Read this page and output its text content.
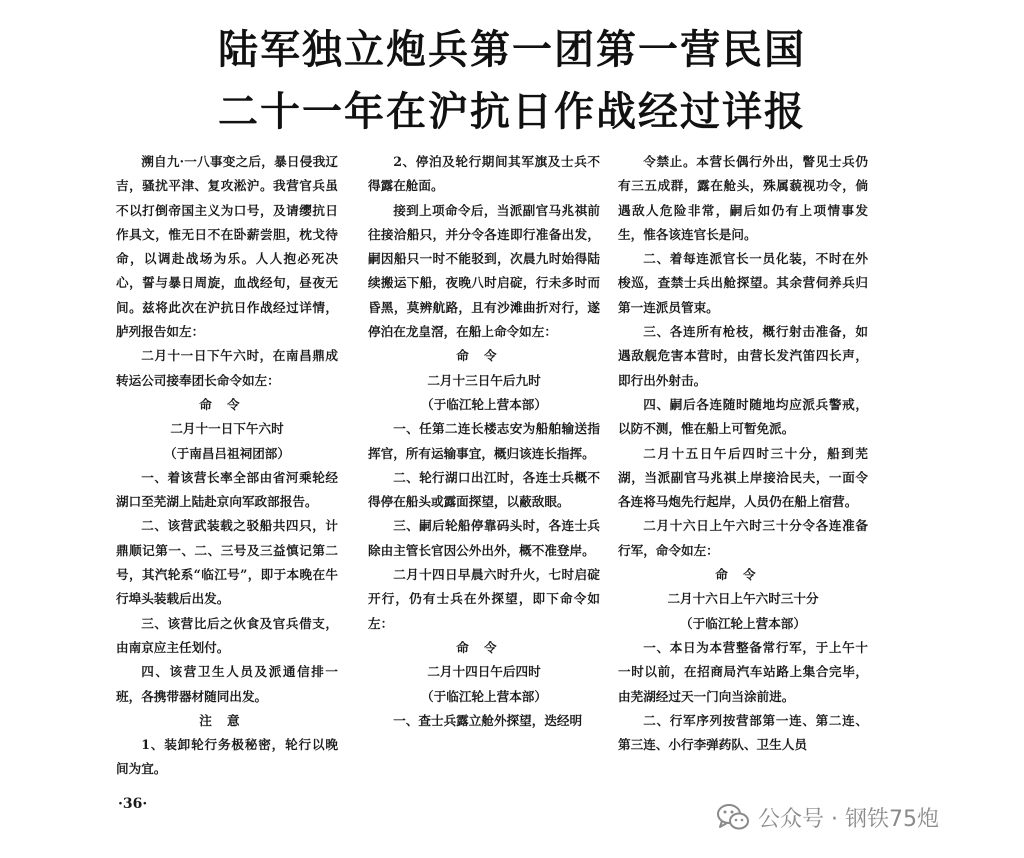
陆军独立炮兵第一团第一营民国
二十一年在沪抗日作战经过详报

溯自九·一八事变之后，暴日侵我辽吉，骚扰平津、复攻淞沪。我营官兵虽不以打倒帝国主义为口号，及请缨抗日作具文，惟无日不在卧薪尝胆，枕戈待命，以调赴战场为乐。人人抱必死决心，誓与暴日周旋，血战经旬，昼夜无间。兹将此次在沪抗日作战经过详情，胪列报告如左：

二月十一日下午六时，在南昌鼎成转运公司接奉团长命令如左：

命令

二月十一日下午六时

（于南昌吕祖祠团部）

一、着该营长率全部由省河乘轮经湖口至芜湖上陆赴京向军政部报告。

二、该营武装载之驳船共四只，计鼎顺记第一、二、三号及三益慎记第二号，其汽轮系“临江号”，即于本晚在牛行埠头装载后出发。

三、该营比后之伙食及官兵借支，由南京应主任划付。

四、该营卫生人员及派通信排一班，各携带器材随同出发。

注意

1、装卸轮行务极秘密，轮行以晚间为宜。

2、停泊及轮行期间其军旗及士兵不得露在舱面。

接到上项命令后，当派副官马兆祺前往接洽船只，并分令各连即行准备出发，嗣因船只一时不能驳到，次晨九时始得陆续搬运下船，夜晚八时启碇，行未多时而昏黑，莫辨航路，且有沙滩曲折对行，遂停泊在龙皇滘，在船上命令如左：

命令

二月十三日午后九时

（于临江轮上营本部）

一、任第二连长楼志安为船舶输送指挥官，所有运输事宜，概归该连长指挥。

二、轮行湖口出江时，各连士兵概不得停在船头或露面探望，以蔽敌眼。

三、嗣后轮船停靠码头时，各连士兵除由主管长官因公外出外，概不准登岸。

二月十四日早晨六时升火，七时启碇开行，仍有士兵在外探望，即下命令如左：

命令

二月十四日午后四时

（于临江轮上营本部）

一、查士兵露立舱外探望，迭经明

令禁止。本营长偶行外出，瞥见士兵仍有三五成群，露在舱头，殊属藐视功令，倘遇敌人危险非常，嗣后如仍有上项情事发生，惟各该连官长是问。

二、着每连派官长一员化装，不时在外梭巡，查禁士兵出舱探望。其余营伺养兵归第一连派员管束。

三、各连所有枪枝，概行射击准备，如遇敌舰危害本营时，由营长发汽笛四长声，即行出外射击。

四、嗣后各连随时随地均应派兵警戒，以防不测，惟在船上可暂免派。

二月十五日午后四时三十分，船到芜湖，当派副官马兆祺上岸接洽民夫，一面令各连将马炮先行起岸，人员仍在船上宿营。

二月十六日上午六时三十分令各连准备行军，命令如左：

命令

二月十六日上午六时三十分

（于临江轮上营本部）

一、本日为本营整备常行军，于上午十一时以前，在招商局汽车站路上集合完毕，由芜湖经过天一门向当涂前进。

二、行军序列按营部第一连、第二连、第三连、小行李弹药队、卫生人员

·36·
公众号 · 钢铁75炮
